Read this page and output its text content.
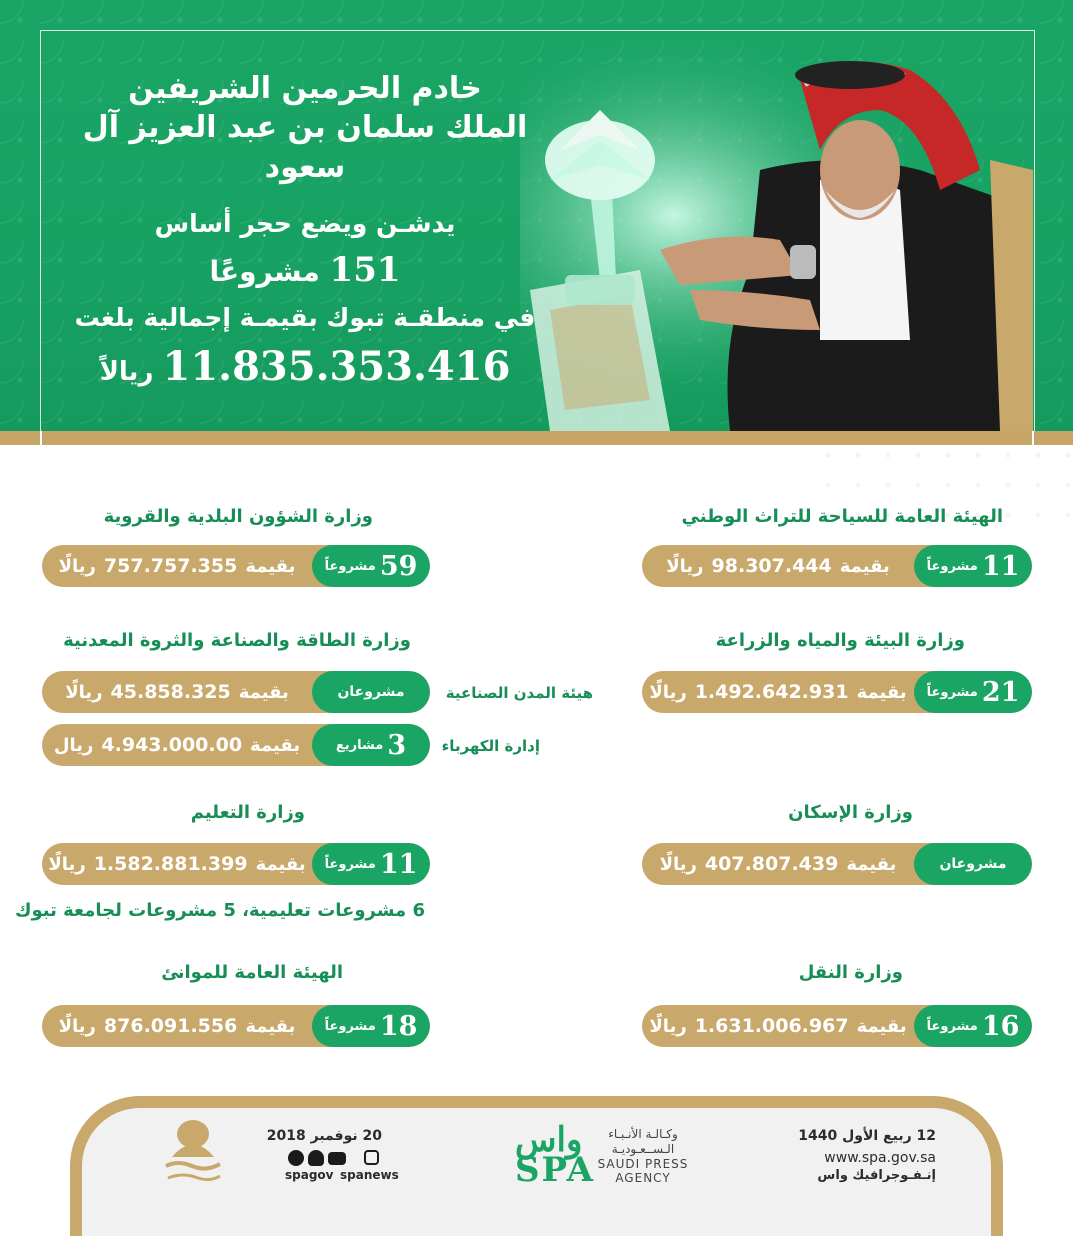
خادم الحرمين الشريفين
الملك سلمان بن عبد العزيز آل سعود
يدشـن ويضع حجر أساس
151 مشروعًا
في منطقـة تبوك بقيمـة إجمالية بلغت
11.835.353.416 ريالاً
وزارة الشؤون البلدية والقروية
59
مشروعاً
بقيمة
757.757.355
ريالًا
وزارة الطاقة والصناعة والثروة المعدنية
مشروعان
بقيمة
45.858.325
ريالًا	هيئة المدن الصناعية
3
مشاريع
بقيمة
4.943.000.00
ريال	إدارة الكهرباء
وزارة التعليم
11
مشروعاً
بقيمة
1.582.881.399
ريالًا
6 مشروعات تعليمية، 5 مشروعات لجامعة تبوك
الهيئة العامة للموانئ
18
مشروعاً
بقيمة
876.091.556
ريالًا
الهيئة العامة للسياحة للتراث الوطني
11
مشروعاً
بقيمة
98.307.444
ريالًا
وزارة البيئة والمياه والزراعة
21
مشروعاً
بقيمة
1.492.642.931
ريالًا
وزارة الإسكان
مشروعان
بقيمة
407.807.439
ريالًا
وزارة النقل
16
مشروعاً
بقيمة
1.631.006.967
ريالًا
12 ربيع الأول 1440
www.spa.gov.sa
إنـفـوجرافيك واس
واس
SPA
وكـالـة الأنـبـاء
الـســعـوديـة
SAUDI PRESS
AGENCY
20 نوفمبر 2018
spagov spanews
